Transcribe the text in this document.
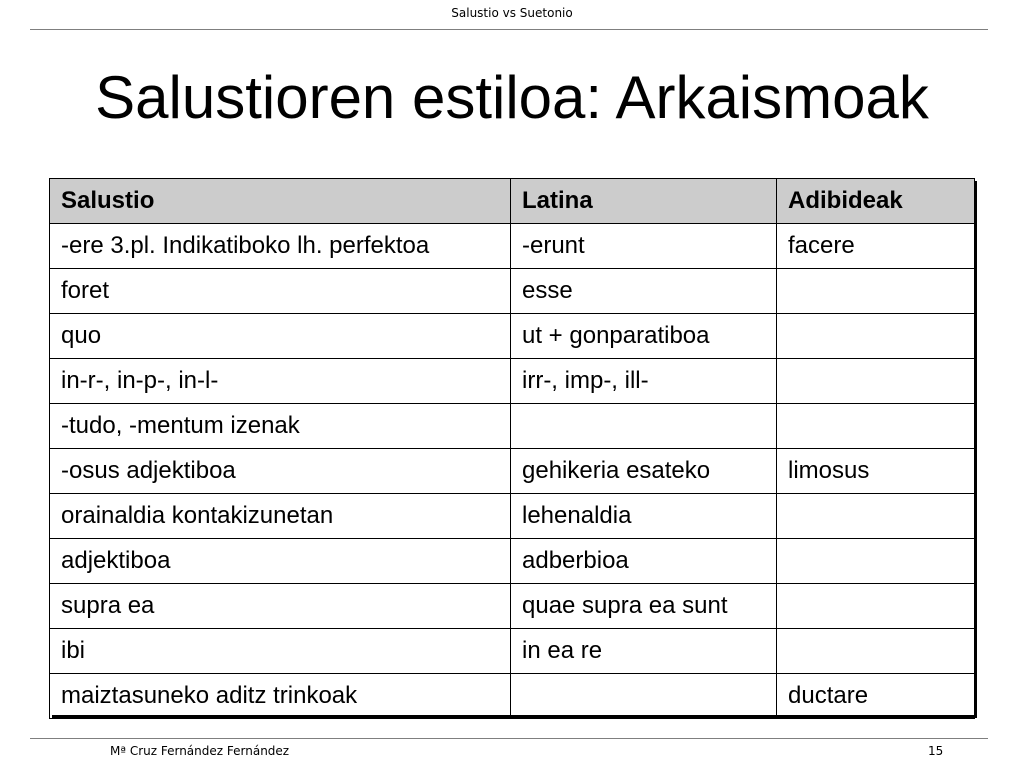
Salustio vs Suetonio
Salustioren estiloa: Arkaismoak
Salustio	Latina	Adibideak
-ere 3.pl. Indikatiboko lh. perfektoa	-erunt	facere
foret	esse	
quo	ut + gonparatiboa	
in-r-, in-p-, in-l-	irr-, imp-, ill-	
-tudo, -mentum izenak		
-osus adjektiboa	gehikeria esateko	limosus
orainaldia kontakizunetan	lehenaldia	
adjektiboa	adberbioa	
supra ea	quae supra ea sunt	
ibi	in ea re	
maiztasuneko aditz trinkoak		ductare
Mª Cruz Fernández Fernández	15
